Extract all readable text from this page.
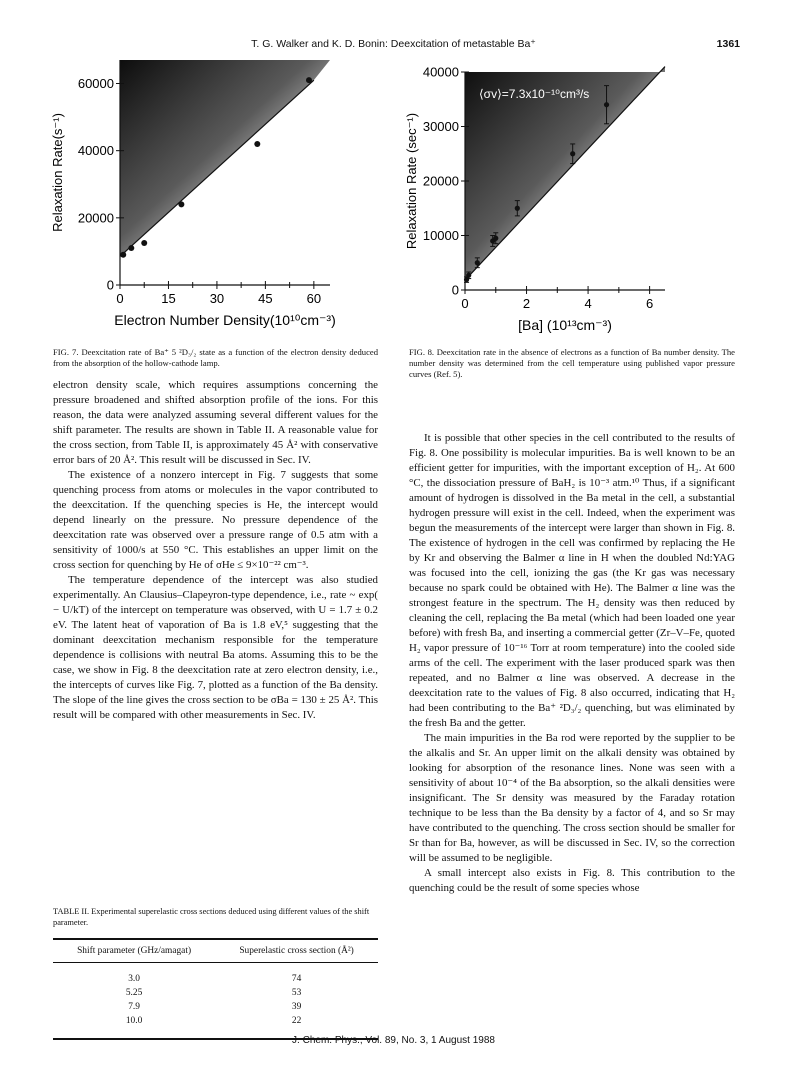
T. G. Walker and K. D. Bonin: Deexcitation of metastable Ba⁺	1361
0
20000
40000
60000
0	15	30	45	60
Electron Number Density(10¹⁰cm⁻³)
Relaxation Rate(s⁻¹)
FIG. 7. Deexcitation rate of Ba⁺ 5 ²D₃/₂ state as a function of the electron density deduced from the absorption of the hollow-cathode lamp.
0
10000
20000
30000
40000
0	2	4	6
[Ba] (10¹³cm⁻³)
Relaxation Rate (sec⁻¹)
⟨σv⟩=7.3x10⁻¹⁰cm³/s
FIG. 8. Deexcitation rate in the absence of electrons as a function of Ba number density. The number density was determined from the cell temperature using published vapor pressure curves (Ref. 5).

electron density scale, which requires assumptions concerning the pressure broadened and shifted absorption profile of the ions. For this reason, the data were analyzed assuming several different values for the shift parameter. The results are shown in Table II. A reasonable value for the cross section, from Table II, is approximately 45 Å² with conservative error bars of 20 Å². This result will be discussed in Sec. IV.

The existence of a nonzero intercept in Fig. 7 suggests that some quenching process from atoms or molecules in the vapor contributed to the deexcitation. If the quenching species is He, the intercept would depend linearly on the pressure. No pressure dependence of the deexcitation rate was observed over a pressure range of 0.5 atm with a sensitivity of 1000/s at 550 °C. This establishes an upper limit on the cross section for quenching by He of σHe ≤ 9×10⁻²² cm⁻³.

The temperature dependence of the intercept was also studied experimentally. An Clausius–Clapeyron-type dependence, i.e., rate ~ exp( − U/kT) of the intercept on temperature was observed, with U = 1.7 ± 0.2 eV. The latent heat of vaporation of Ba is 1.8 eV,⁵ suggesting that the dominant deexcitation mechanism responsible for the temperature dependence is collisions with neutral Ba atoms. Assuming this to be the case, we show in Fig. 8 the deexcitation rate at zero electron density, i.e., the intercepts of curves like Fig. 7, plotted as a function of the Ba density. The slope of the line gives the cross section to be σBa = 130 ± 25 Å². This result will be compared with other measurements in Sec. IV.

TABLE II. Experimental superelastic cross sections deduced using different values of the shift parameter.
Shift parameter (GHz/amagat)	Superelastic cross section (Å²)
3.0	74
5.25	53
7.9	39
10.0	22

It is possible that other species in the cell contributed to the results of Fig. 8. One possibility is molecular impurities. Ba is well known to be an efficient getter for impurities, with the important exception of H₂. At 600 °C, the dissociation pressure of BaH₂ is 10⁻³ atm.¹⁰ Thus, if a significant amount of hydrogen is dissolved in the Ba metal in the cell, a substantial hydrogen pressure will exist in the cell. Indeed, when the experiment was begun the measurements of the intercept were larger than shown in Fig. 8. The existence of hydrogen in the cell was confirmed by replacing the He by Kr and observing the Balmer α line in H when the doubled Nd:YAG was focused into the cell, ionizing the gas (the Kr gas was necessary because no spark could be obtained with He). The Balmer α line was the strongest feature in the spectrum. The H₂ density was then reduced by cleaning the cell, replacing the Ba metal (which had been loaded one year before) with fresh Ba, and inserting a commercial getter (Zr–V–Fe, quoted H₂ vapor pressure of 10⁻¹⁶ Torr at room temperature) into the cooled side arms of the cell. The experiment with the laser produced spark was then repeated, and no Balmer α line was observed. A decrease in the deexcitation rate to the values of Fig. 8 also occurred, indicating that H₂ had been contributing to the Ba⁺ ²D₃/₂ quenching, but was eliminated by the fresh Ba and the getter.

The main impurities in the Ba rod were reported by the supplier to be the alkalis and Sr. An upper limit on the alkali density was obtained by looking for absorption of the resonance lines. None was seen with a sensitivity of about 10⁻⁴ of the Ba absorption, so the alkali densities were insignificant. The Sr density was measured by the Faraday rotation technique to be less than the Ba density by a factor of 4, and so Sr may have contributed to the quenching. The cross section should be smaller for Sr than for Ba, however, as will be discussed in Sec. IV, so the correction will be assumed to be negligible.

A small intercept also exists in Fig. 8. This contribution to the quenching could be the result of some species whose

J. Chem. Phys., Vol. 89, No. 3, 1 August 1988
